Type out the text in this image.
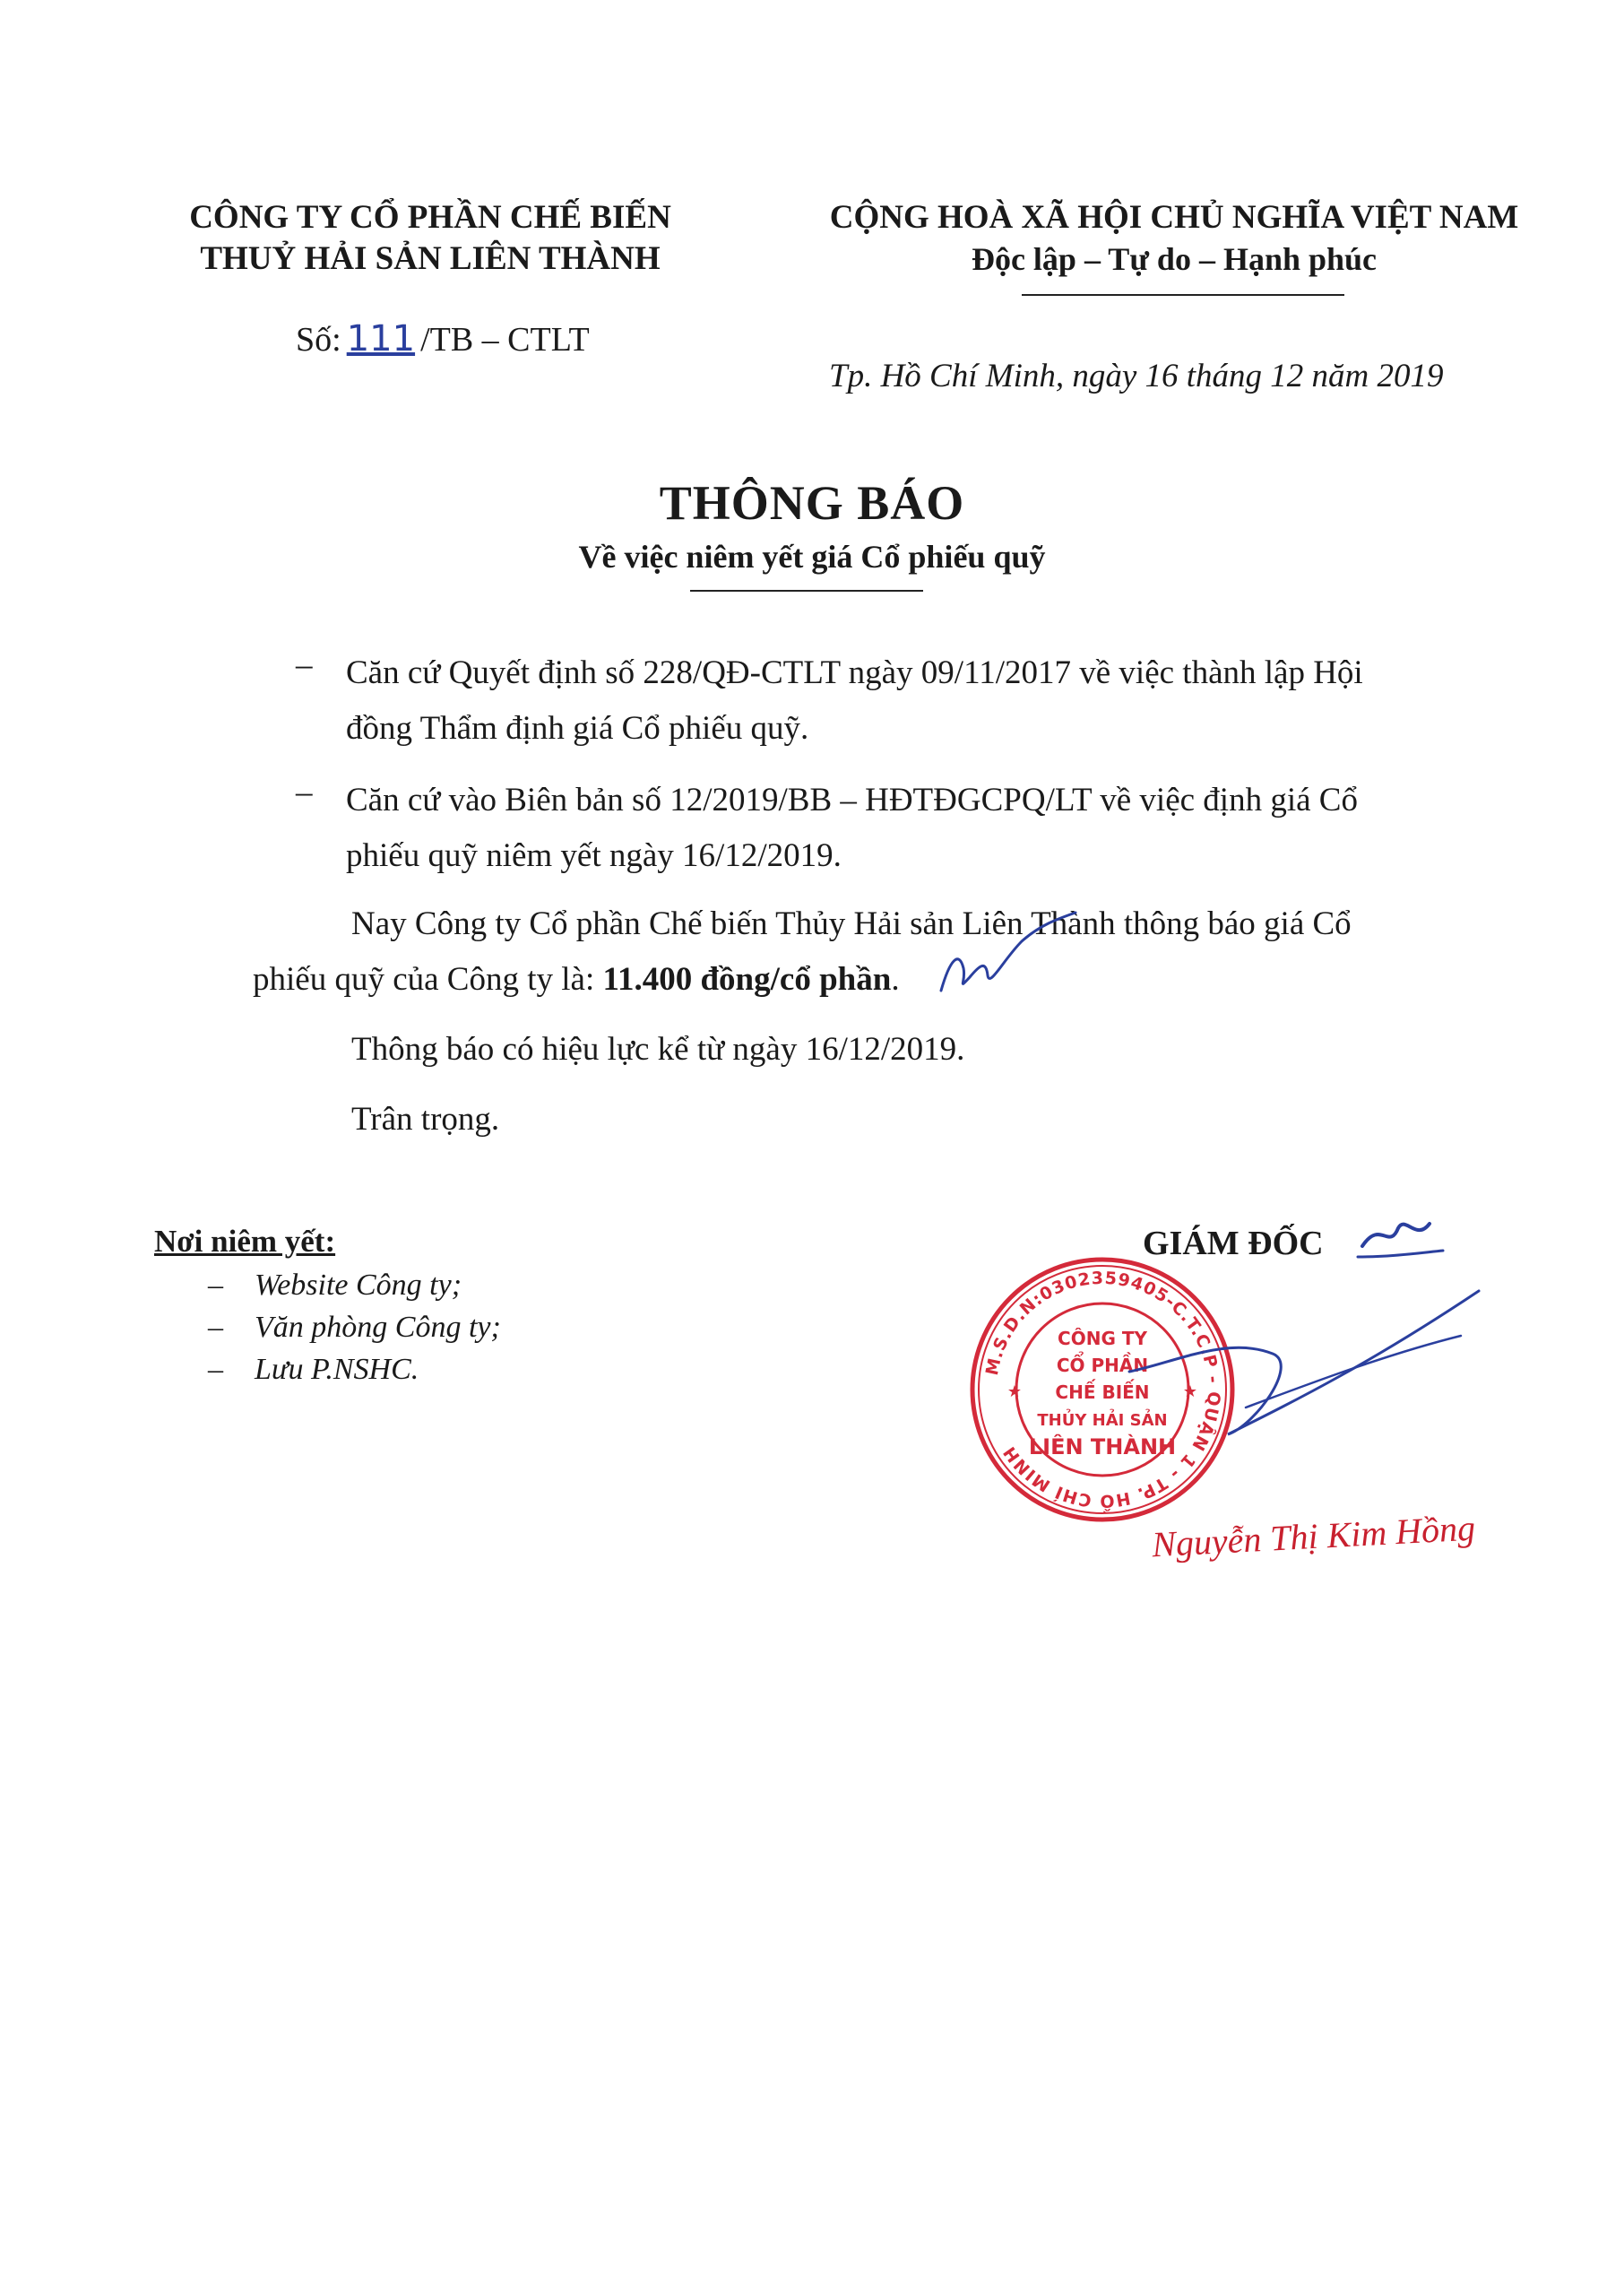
CÔNG TY CỔ PHẦN CHẾ BIẾN
THUỶ HẢI SẢN LIÊN THÀNH
Số: 111 /TB – CTLT
CỘNG HOÀ XÃ HỘI CHỦ NGHĨA VIỆT NAM
Độc lập – Tự do – Hạnh phúc
Tp. Hồ Chí Minh, ngày 16 tháng 12 năm 2019
THÔNG BÁO
Về việc niêm yết giá Cổ phiếu quỹ
– Căn cứ Quyết định số 228/QĐ-CTLT ngày 09/11/2017 về việc thành lập Hội đồng Thẩm định giá Cổ phiếu quỹ.
– Căn cứ vào Biên bản số 12/2019/BB – HĐTĐGCPQ/LT về việc định giá Cổ phiếu quỹ niêm yết ngày 16/12/2019.
Nay Công ty Cổ phần Chế biến Thủy Hải sản Liên Thành thông báo giá Cổ phiếu quỹ của Công ty là: 11.400 đồng/cổ phần.
Thông báo có hiệu lực kể từ ngày 16/12/2019.
Trân trọng.
Nơi niêm yết:
– Website Công ty;
– Văn phòng Công ty;
– Lưu P.NSHC.
GIÁM ĐỐC
M.S.D.N:0302359405-C.T.C.P - QUẬN 1 - TP. HỒ CHÍ MINH
CÔNG TY
CỔ PHẦN
CHẾ BIẾN
THỦY HẢI SẢN
LIÊN THÀNH
★	★
Nguyễn Thị Kim Hồng
